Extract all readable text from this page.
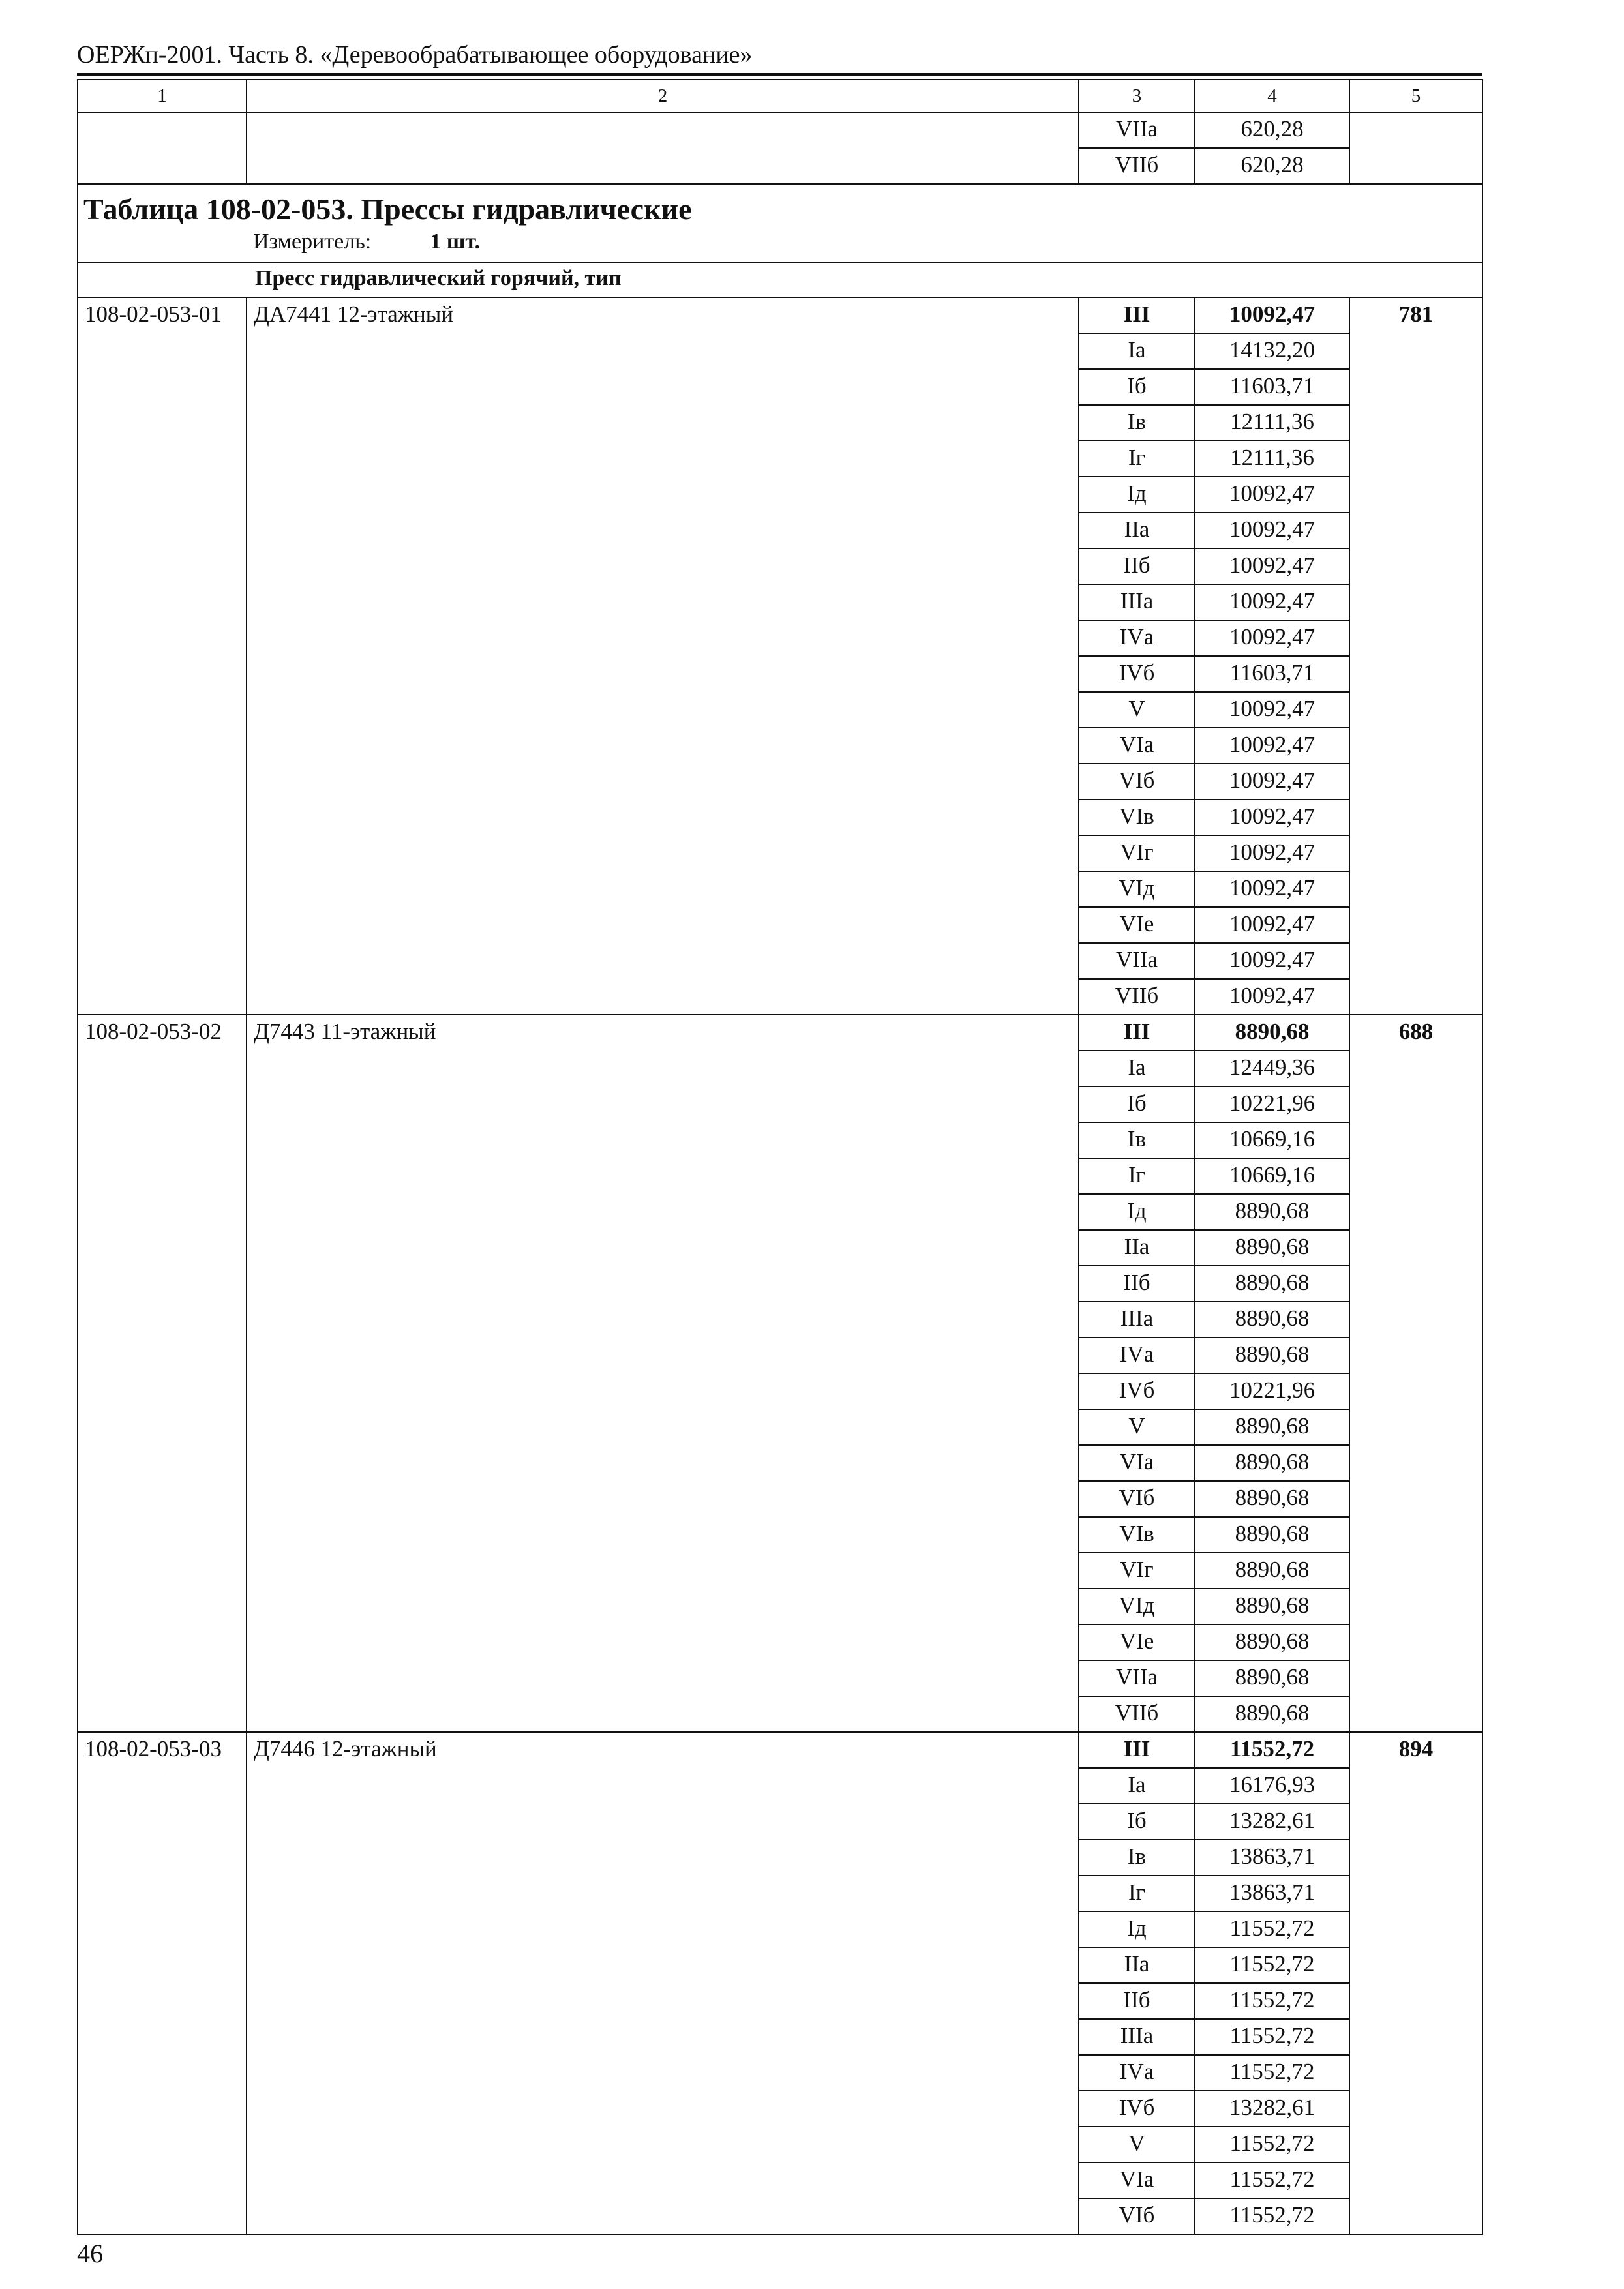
ОЕРЖп-2001. Часть 8. «Деревообрабатывающее оборудование»
1	2	3	4	5
		VIIа	620,28	
		VIIб	620,28	

Таблица 108-02-053. Прессы гидравлические
Измеритель: 1 шт.				

Пресс гидравлический горячий, тип				
108-02-053-01	ДА7441 12-этажный	III	10092,47	781
		Iа	14132,20	
		Iб	11603,71	
		Iв	12111,36	
		Iг	12111,36	
		Iд	10092,47	
		IIа	10092,47	
		IIб	10092,47	
		IIIа	10092,47	
		IVа	10092,47	
		IVб	11603,71	
		V	10092,47	
		VIа	10092,47	
		VIб	10092,47	
		VIв	10092,47	
		VIг	10092,47	
		VIд	10092,47	
		VIе	10092,47	
		VIIа	10092,47	
		VIIб	10092,47	
108-02-053-02	Д7443 11-этажный	III	8890,68	688
		Iа	12449,36	
		Iб	10221,96	
		Iв	10669,16	
		Iг	10669,16	
		Iд	8890,68	
		IIа	8890,68	
		IIб	8890,68	
		IIIа	8890,68	
		IVа	8890,68	
		IVб	10221,96	
		V	8890,68	
		VIа	8890,68	
		VIб	8890,68	
		VIв	8890,68	
		VIг	8890,68	
		VIд	8890,68	
		VIе	8890,68	
		VIIа	8890,68	
		VIIб	8890,68	
108-02-053-03	Д7446 12-этажный	III	11552,72	894
		Iа	16176,93	
		Iб	13282,61	
		Iв	13863,71	
		Iг	13863,71	
		Iд	11552,72	
		IIа	11552,72	
		IIб	11552,72	
		IIIа	11552,72	
		IVа	11552,72	
		IVб	13282,61	
		V	11552,72	
		VIа	11552,72	
		VIб	11552,72	
46
